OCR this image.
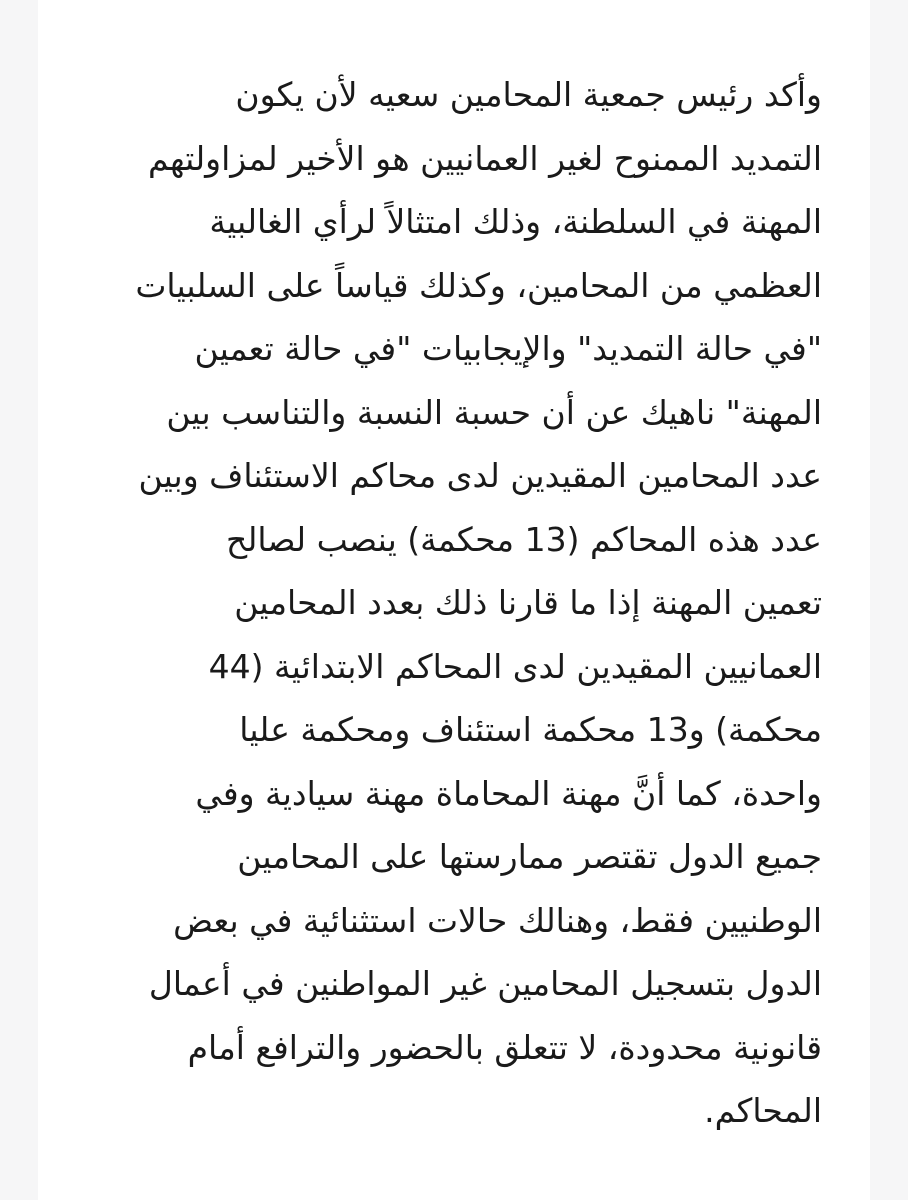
وأكد رئيس جمعية المحامين سعيه لأن يكون
التمديد الممنوح لغير العمانيين هو الأخير لمزاولتهم
المهنة في السلطنة، وذلك امتثالاً لرأي الغالبية
العظمي من المحامين، وكذلك قياساً على السلبيات
"في حالة التمديد" والإيجابيات "في حالة تعمين
المهنة" ناهيك عن أن حسبة النسبة والتناسب بين
عدد المحامين المقيدين لدى محاكم الاستئناف وبين
عدد هذه المحاكم (13 محكمة) ينصب لصالح
تعمين المهنة إذا ما قارنا ذلك بعدد المحامين
العمانيين المقيدين لدى المحاكم الابتدائية (44
محكمة) و13 محكمة استئناف ومحكمة عليا
واحدة، كما أنَّ مهنة المحاماة مهنة سيادية وفي
جميع الدول تقتصر ممارستها على المحامين
الوطنيين فقط، وهنالك حالات استثنائية في بعض
الدول بتسجيل المحامين غير المواطنين في أعمال
قانونية محدودة، لا تتعلق بالحضور والترافع أمام
المحاكم.
